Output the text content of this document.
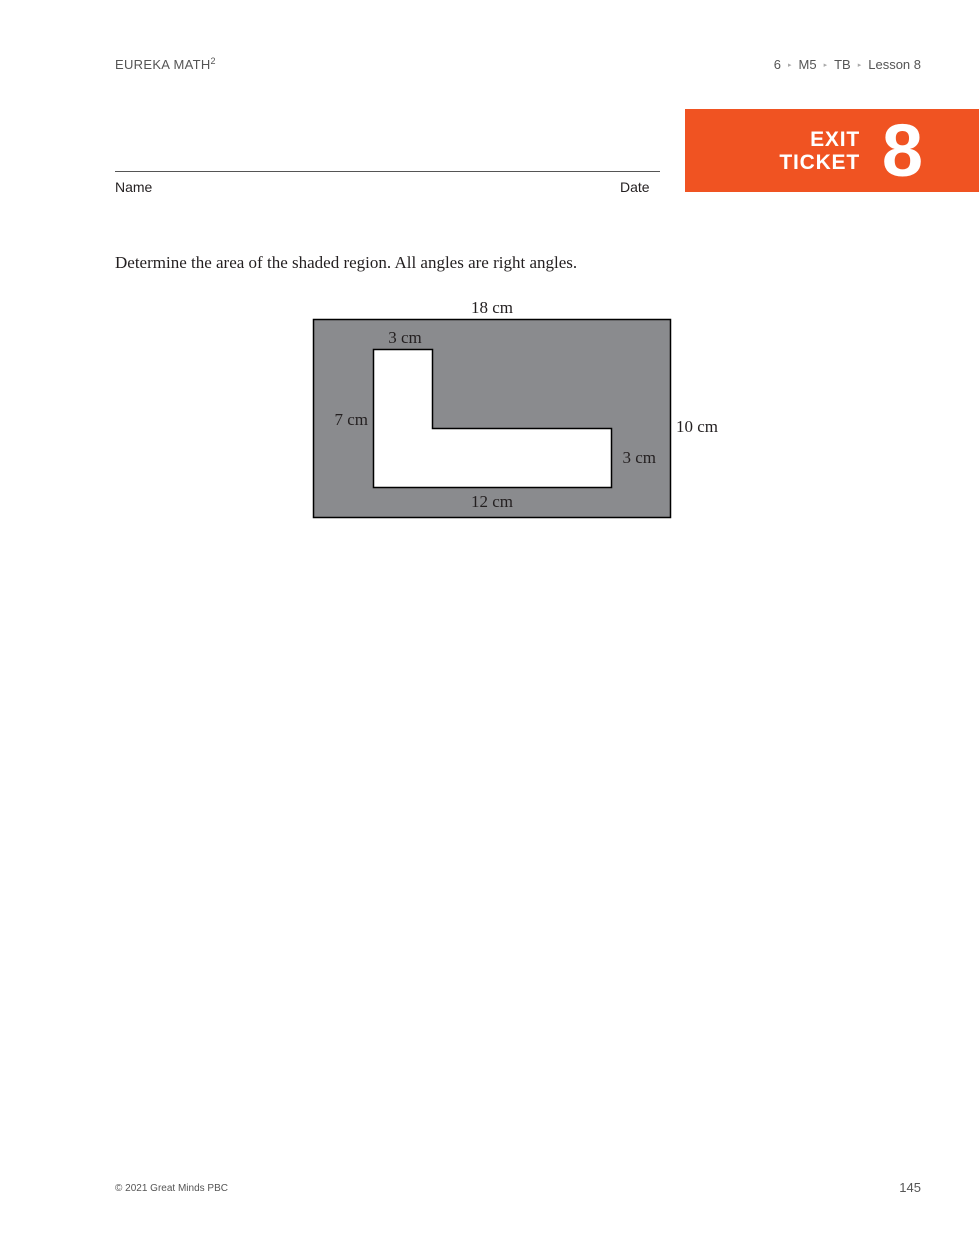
EUREKA MATH$^2$	6 ▸ M5 ▸ TB ▸ Lesson 8
EXIT
TICKET 8
Name	Date
Determine the area of the shaded region. All angles are right angles.
18 cm
10 cm
3 cm
7 cm
3 cm
12 cm
© 2021 Great Minds PBC	145
